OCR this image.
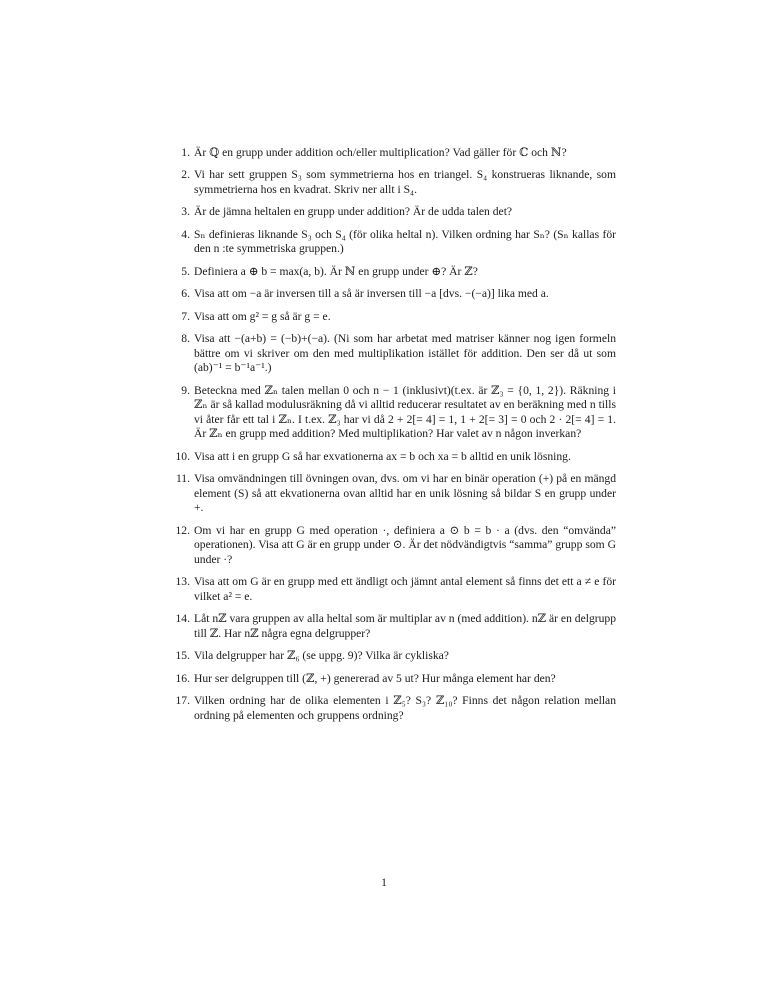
1. Är ℚ en grupp under addition och/eller multiplication? Vad gäller för ℂ och ℕ?
2. Vi har sett gruppen S₃ som symmetrierna hos en triangel. S₄ konstrueras liknande, som symmetrierna hos en kvadrat. Skriv ner allt i S₄.
3. Är de jämna heltalen en grupp under addition? Är de udda talen det?
4. Sₙ definieras liknande S₃ och S₄ (för olika heltal n). Vilken ordning har Sₙ? (Sₙ kallas för den n :te symmetriska gruppen.)
5. Definiera a ⊕ b = max(a, b). Är ℕ en grupp under ⊕? Är ℤ?
6. Visa att om −a är inversen till a så är inversen till −a [dvs. −(−a)] lika med a.
7. Visa att om g² = g så är g = e.
8. Visa att −(a+b) = (−b)+(−a). (Ni som har arbetat med matriser känner nog igen formeln bättre om vi skriver om den med multiplikation istället för addition. Den ser då ut som (ab)⁻¹ = b⁻¹a⁻¹.)
9. Beteckna med ℤₙ talen mellan 0 och n − 1 (inklusivt)(t.ex. är ℤ₃ = {0, 1, 2}). Räkning i ℤₙ är så kallad modulusräkning då vi alltid reducerar resultatet av en beräkning med n tills vi åter får ett tal i ℤₙ. I t.ex. ℤ₃ har vi då 2 + 2[= 4] = 1, 1 + 2[= 3] = 0 och 2 · 2[= 4] = 1. Är ℤₙ en grupp med addition? Med multiplikation? Har valet av n någon inverkan?
10. Visa att i en grupp G så har exvationerna ax = b och xa = b alltid en unik lösning.
11. Visa omvändningen till övningen ovan, dvs. om vi har en binär operation (+) på en mängd element (S) så att ekvationerna ovan alltid har en unik lösning så bildar S en grupp under +.
12. Om vi har en grupp G med operation ·, definiera a ⊙ b = b · a (dvs. den “omvända” operationen). Visa att G är en grupp under ⊙. Är det nödvändigtvis “samma” grupp som G under ·?
13. Visa att om G är en grupp med ett ändligt och jämnt antal element så finns det ett a ≠ e för vilket a² = e.
14. Låt nℤ vara gruppen av alla heltal som är multiplar av n (med addition). nℤ är en delgrupp till ℤ. Har nℤ några egna delgrupper?
15. Vila delgrupper har ℤ₆ (se uppg. 9)? Vilka är cykliska?
16. Hur ser delgruppen till (ℤ, +) genererad av 5 ut? Hur många element har den?
17. Vilken ordning har de olika elementen i ℤ₅? S₃? ℤ₁₀? Finns det någon relation mellan ordning på elementen och gruppens ordning?
1
